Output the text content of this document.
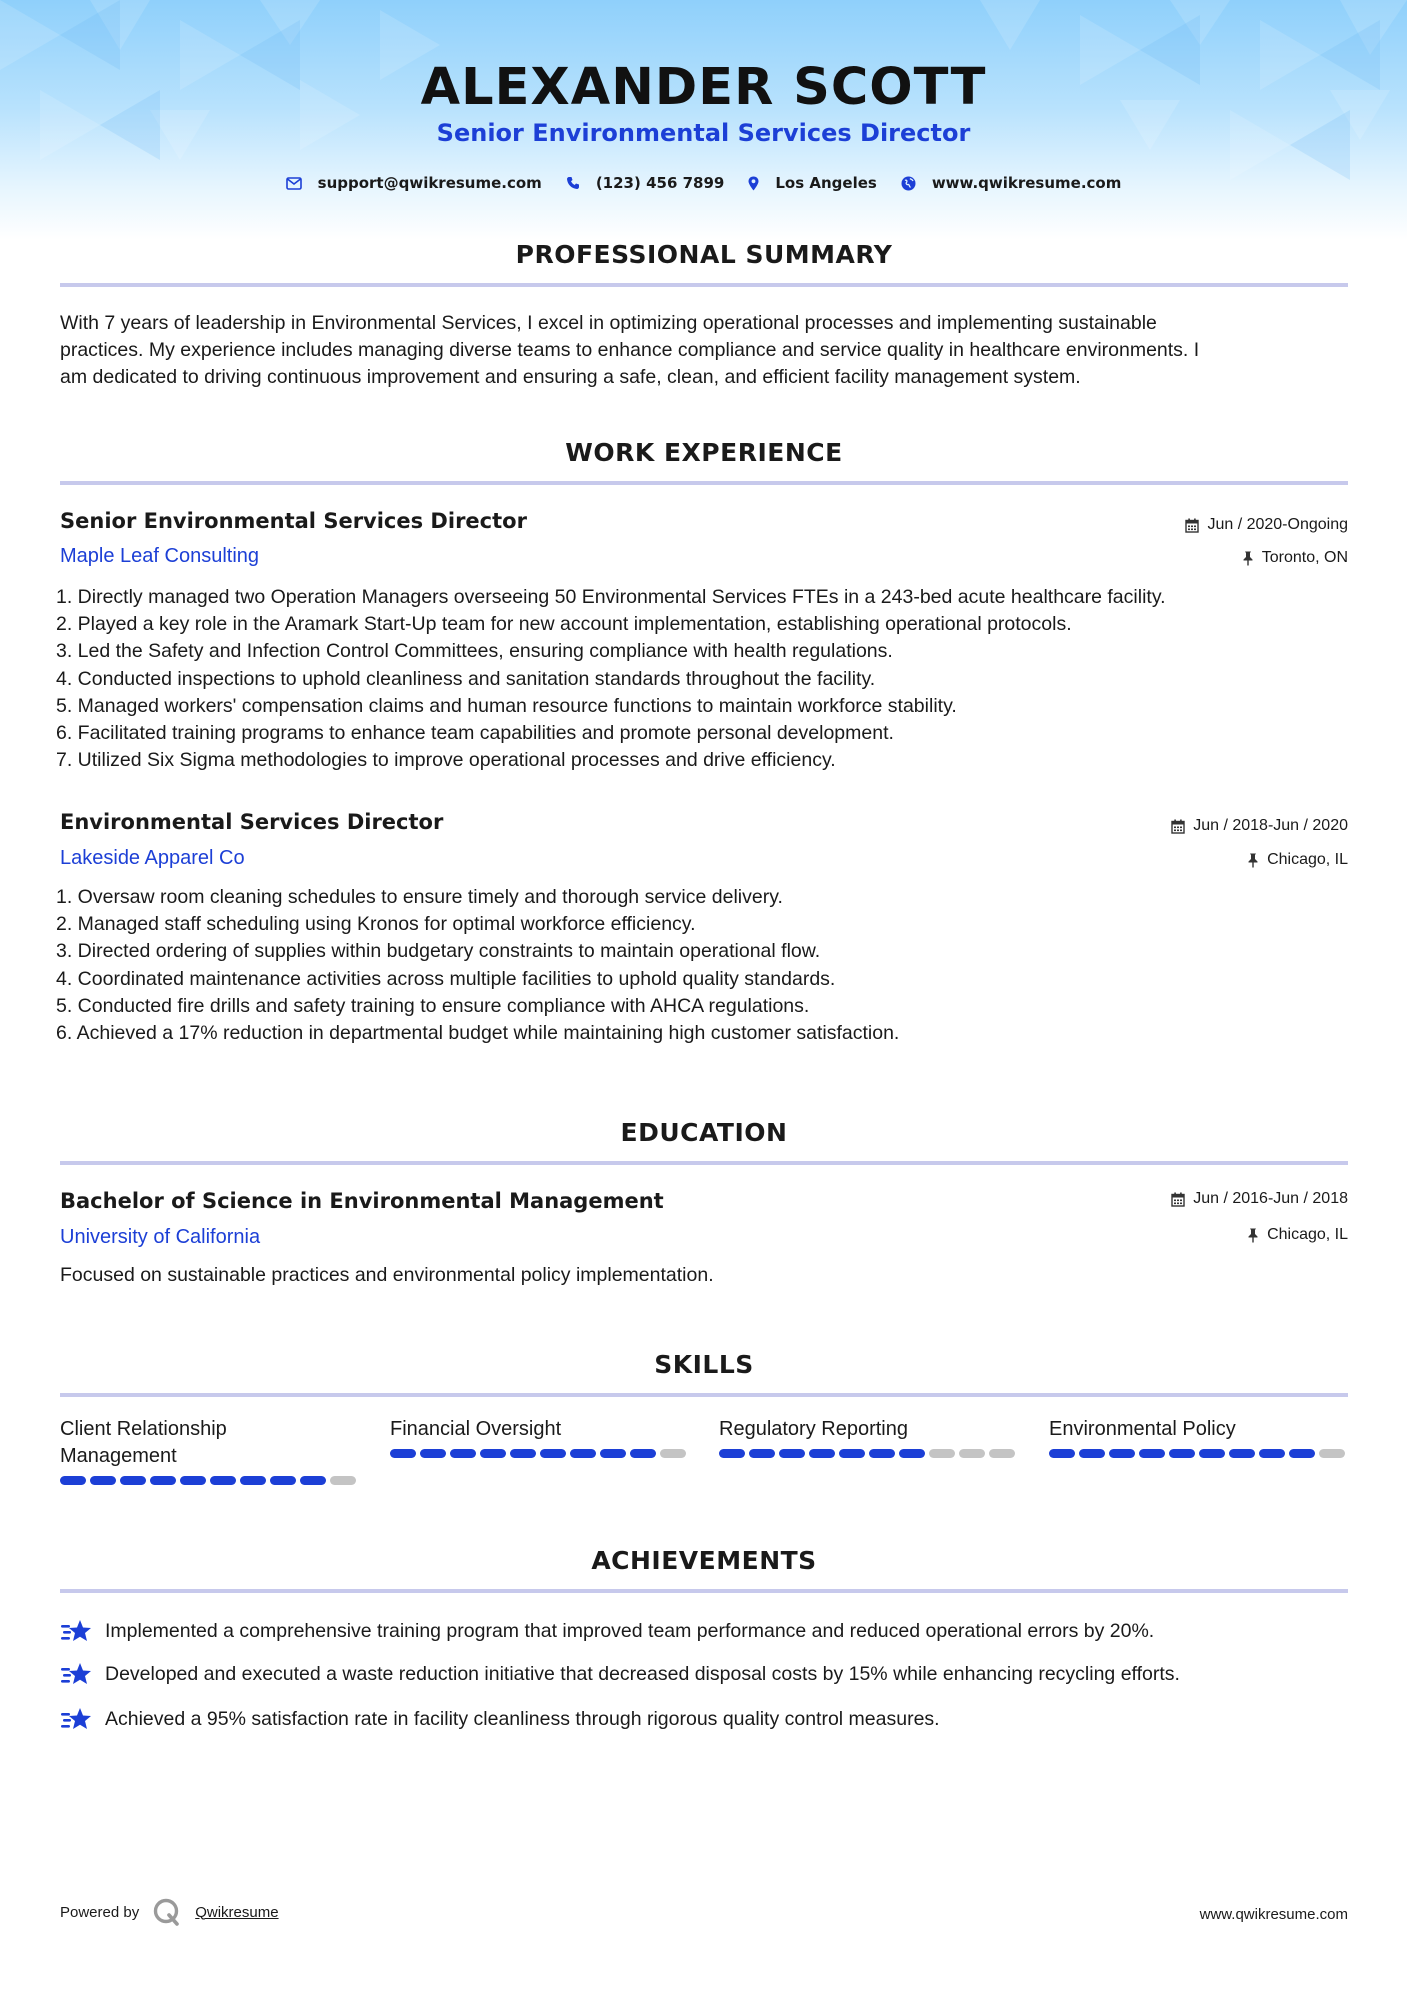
ALEXANDER SCOTT
Senior Environmental Services Director
support@qwikresume.com	(123) 456 7899	Los Angeles	www.qwikresume.com
PROFESSIONAL SUMMARY
With 7 years of leadership in Environmental Services, I excel in optimizing operational processes and implementing sustainable
practices. My experience includes managing diverse teams to enhance compliance and service quality in healthcare environments. I
am dedicated to driving continuous improvement and ensuring a safe, clean, and efficient facility management system.
WORK EXPERIENCE
Senior Environmental Services Director	Jun / 2020-Ongoing
Maple Leaf Consulting	Toronto, ON
1. Directly managed two Operation Managers overseeing 50 Environmental Services FTEs in a 243-bed acute healthcare facility.
2. Played a key role in the Aramark Start-Up team for new account implementation, establishing operational protocols.
3. Led the Safety and Infection Control Committees, ensuring compliance with health regulations.
4. Conducted inspections to uphold cleanliness and sanitation standards throughout the facility.
5. Managed workers' compensation claims and human resource functions to maintain workforce stability.
6. Facilitated training programs to enhance team capabilities and promote personal development.
7. Utilized Six Sigma methodologies to improve operational processes and drive efficiency.
Environmental Services Director	Jun / 2018-Jun / 2020
Lakeside Apparel Co	Chicago, IL
1. Oversaw room cleaning schedules to ensure timely and thorough service delivery.
2. Managed staff scheduling using Kronos for optimal workforce efficiency.
3. Directed ordering of supplies within budgetary constraints to maintain operational flow.
4. Coordinated maintenance activities across multiple facilities to uphold quality standards.
5. Conducted fire drills and safety training to ensure compliance with AHCA regulations.
6. Achieved a 17% reduction in departmental budget while maintaining high customer satisfaction.
EDUCATION
Bachelor of Science in Environmental Management	Jun / 2016-Jun / 2018
University of California	Chicago, IL
Focused on sustainable practices and environmental policy implementation.
SKILLS
Client Relationship
Management
Financial Oversight	Regulatory Reporting	Environmental Policy
ACHIEVEMENTS
Implemented a comprehensive training program that improved team performance and reduced operational errors by 20%.
Developed and executed a waste reduction initiative that decreased disposal costs by 15% while enhancing recycling efforts.
Achieved a 95% satisfaction rate in facility cleanliness through rigorous quality control measures.
Powered by	Qwikresume	www.qwikresume.com
